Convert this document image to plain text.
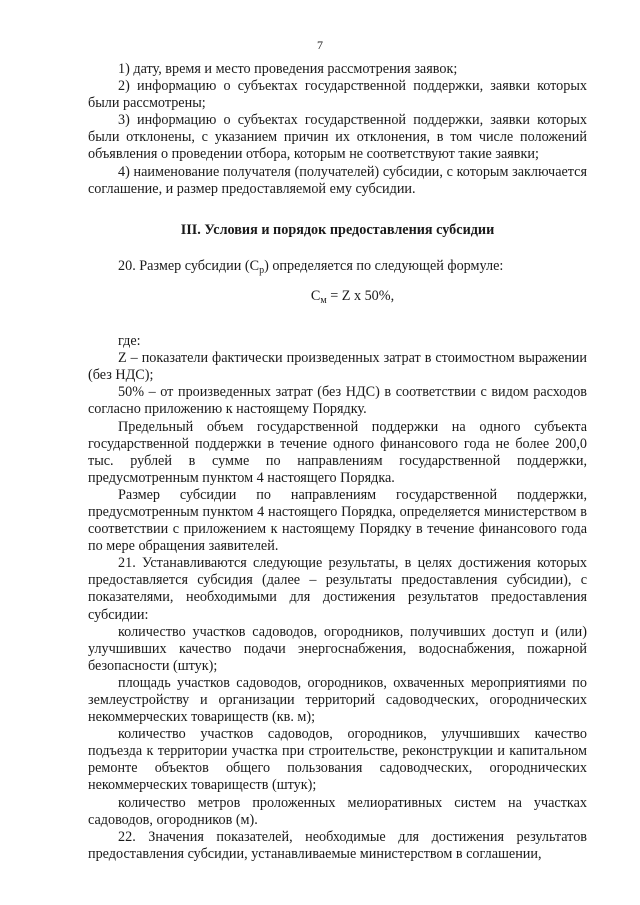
7

1) дату, время и место проведения рассмотрения заявок;

2) информацию о субъектах государственной поддержки, заявки которых были рассмотрены;

3) информацию о субъектах государственной поддержки, заявки которых были отклонены, с указанием причин их отклонения, в том числе положений объявления о проведении отбора, которым не соответствуют такие заявки;

4) наименование получателя (получателей) субсидии, с которым заключается соглашение, и размер предоставляемой ему субсидии.

III. Условия и порядок предоставления субсидии

20. Размер субсидии $(С_р)$ определяется по следующей формуле:

$С_м = Z$ х 50%,

где:

Z – показатели фактически произведенных затрат в стоимостном выражении (без НДС);

50% – от произведенных затрат (без НДС) в соответствии с видом расходов согласно приложению к настоящему Порядку.

Предельный объем государственной поддержки на одного субъекта государственной поддержки в течение одного финансового года не более 200,0 тыс. рублей в сумме по направлениям государственной поддержки, предусмотренным пунктом 4 настоящего Порядка.

Размер субсидии по направлениям государственной поддержки, предусмотренным пунктом 4 настоящего Порядка, определяется министерством в соответствии с приложением к настоящему Порядку в течение финансового года по мере обращения заявителей.

21. Устанавливаются следующие результаты, в целях достижения которых предоставляется субсидия (далее – результаты предоставления субсидии), с показателями, необходимыми для достижения результатов предоставления субсидии:

количество участков садоводов, огородников, получивших доступ и (или) улучшивших качество подачи энергоснабжения, водоснабжения, пожарной безопасности (штук);

площадь участков садоводов, огородников, охваченных мероприятиями по землеустройству и организации территорий садоводческих, огороднических некоммерческих товариществ (кв. м);

количество участков садоводов, огородников, улучшивших качество подъезда к территории участка при строительстве, реконструкции и капитальном ремонте объектов общего пользования садоводческих, огороднических некоммерческих товариществ (штук);

количество метров проложенных мелиоративных систем на участках садоводов, огородников (м).

22. Значения показателей, необходимые для достижения результатов предоставления субсидии, устанавливаемые министерством в соглашении,
